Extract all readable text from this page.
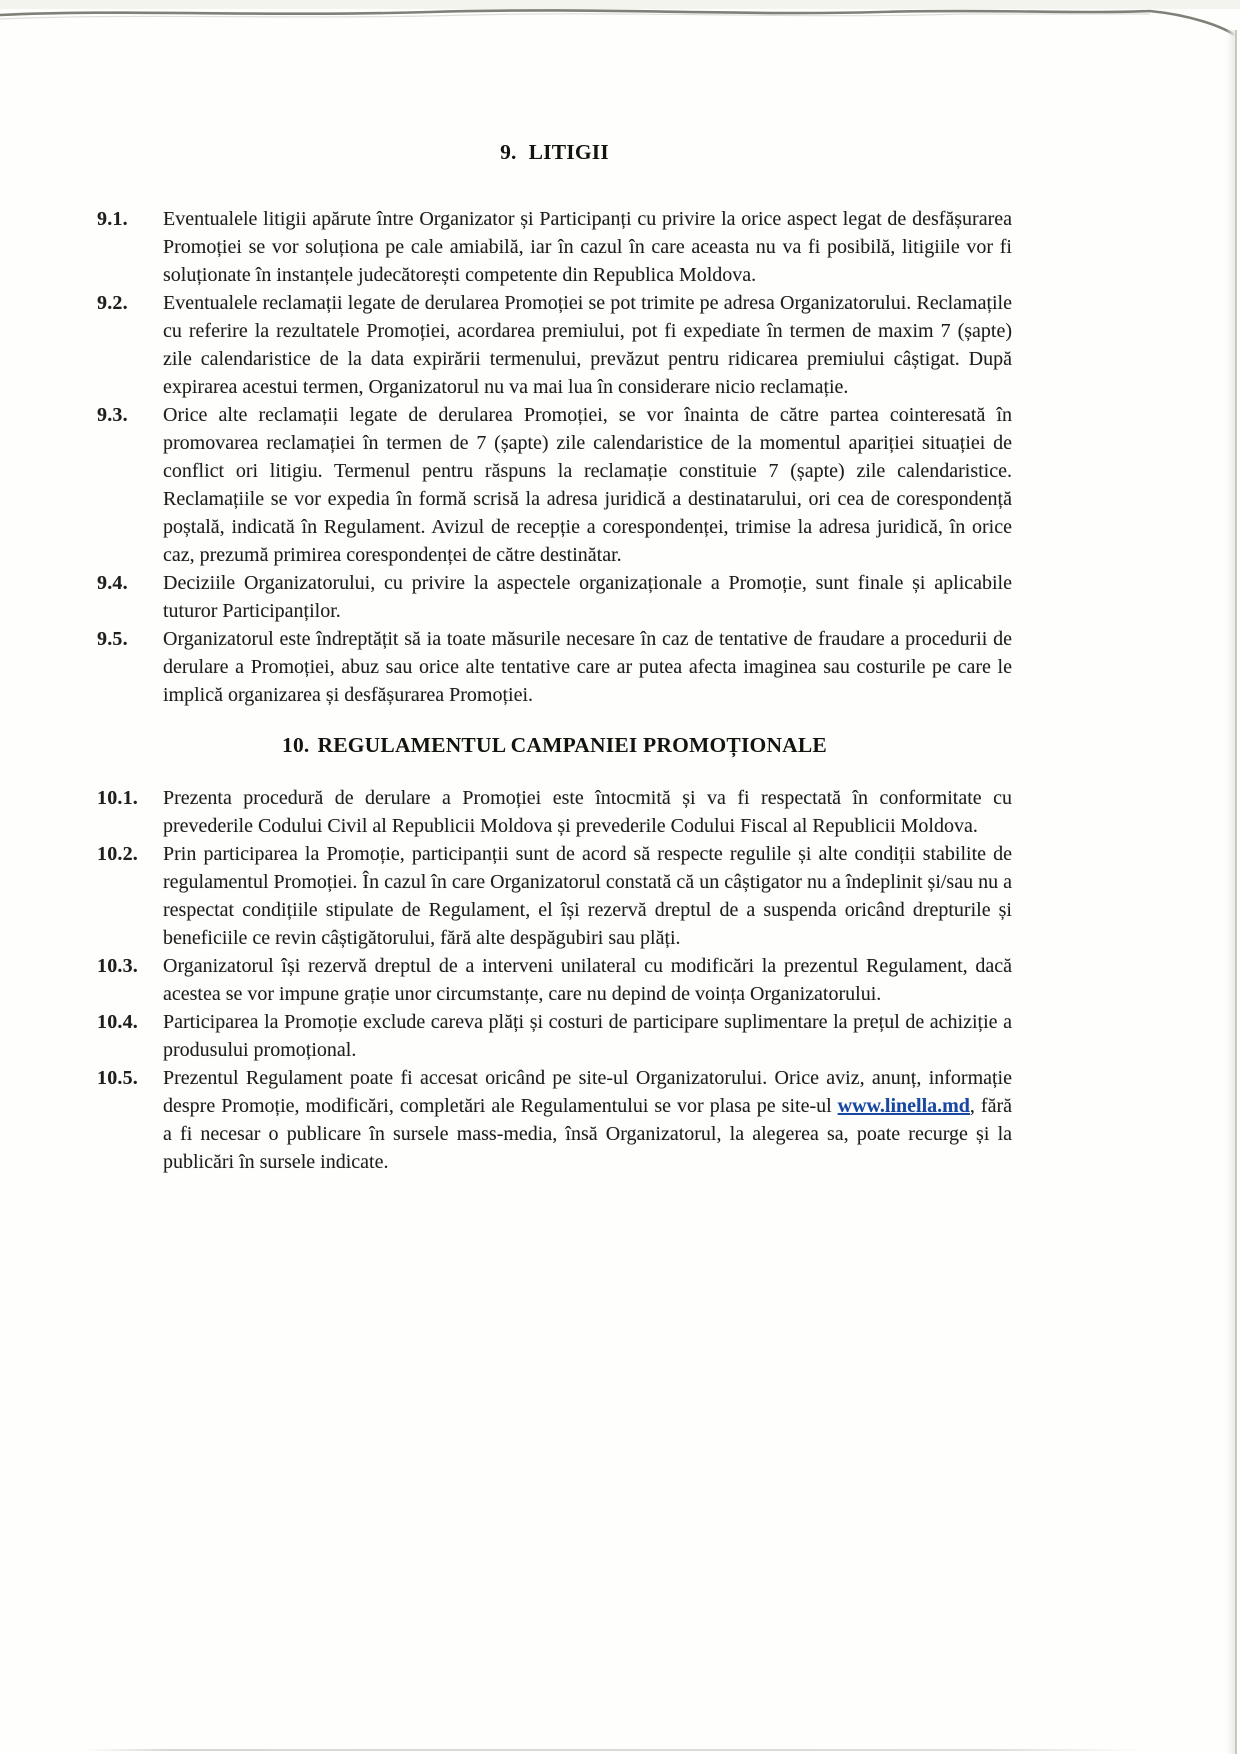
9. LITIGII
9.1.	Eventualele litigii apărute între Organizator și Participanți cu privire la orice aspect legat de desfășurarea Promoției se vor soluționa pe cale amiabilă, iar în cazul în care aceasta nu va fi posibilă, litigiile vor fi soluționate în instanțele judecătorești competente din Republica Moldova.
9.2.	Eventualele reclamații legate de derularea Promoției se pot trimite pe adresa Organizatorului. Reclamațile cu referire la rezultatele Promoției, acordarea premiului, pot fi expediate în termen de maxim 7 (șapte) zile calendaristice de la data expirării termenului, prevăzut pentru ridicarea premiului câștigat. După expirarea acestui termen, Organizatorul nu va mai lua în considerare nicio reclamație.
9.3.	Orice alte reclamații legate de derularea Promoției, se vor înainta de către partea cointeresată în promovarea reclamației în termen de 7 (șapte) zile calendaristice de la momentul apariției situației de conflict ori litigiu. Termenul pentru răspuns la reclamație constituie 7 (șapte) zile calendaristice. Reclamațiile se vor expedia în formă scrisă la adresa juridică a destinatarului, ori cea de corespondență poștală, indicată în Regulament. Avizul de recepție a corespondenței, trimise la adresa juridică, în orice caz, prezumă primirea corespondenței de către destinătar.
9.4.	Deciziile Organizatorului, cu privire la aspectele organizaționale a Promoție, sunt finale și aplicabile tuturor Participanților.
9.5.	Organizatorul este îndreptățit să ia toate măsurile necesare în caz de tentative de fraudare a procedurii de derulare a Promoției, abuz sau orice alte tentative care ar putea afecta imaginea sau costurile pe care le implică organizarea și desfășurarea Promoției.
10. REGULAMENTUL CAMPANIEI PROMOȚIONALE
10.1.	Prezenta procedură de derulare a Promoției este întocmită și va fi respectată în conformitate cu prevederile Codului Civil al Republicii Moldova și prevederile Codului Fiscal al Republicii Moldova.
10.2.	Prin participarea la Promoție, participanții sunt de acord să respecte regulile și alte condiții stabilite de regulamentul Promoției. În cazul în care Organizatorul constată că un câștigator nu a îndeplinit și/sau nu a respectat condițiile stipulate de Regulament, el își rezervă dreptul de a suspenda oricând drepturile și beneficiile ce revin câștigătorului, fără alte despăgubiri sau plăți.
10.3.	Organizatorul își rezervă dreptul de a interveni unilateral cu modificări la prezentul Regulament, dacă acestea se vor impune grație unor circumstanțe, care nu depind de voința Organizatorului.
10.4.	Participarea la Promoție exclude careva plăți și costuri de participare suplimentare la prețul de achiziție a produsului promoțional.
10.5.	Prezentul Regulament poate fi accesat oricând pe site-ul Organizatorului. Orice aviz, anunț, informație despre Promoție, modificări, completări ale Regulamentului se vor plasa pe site-ul www.linella.md, fără a fi necesar o publicare în sursele mass-media, însă Organizatorul, la alegerea sa, poate recurge și la publicări în sursele indicate.
